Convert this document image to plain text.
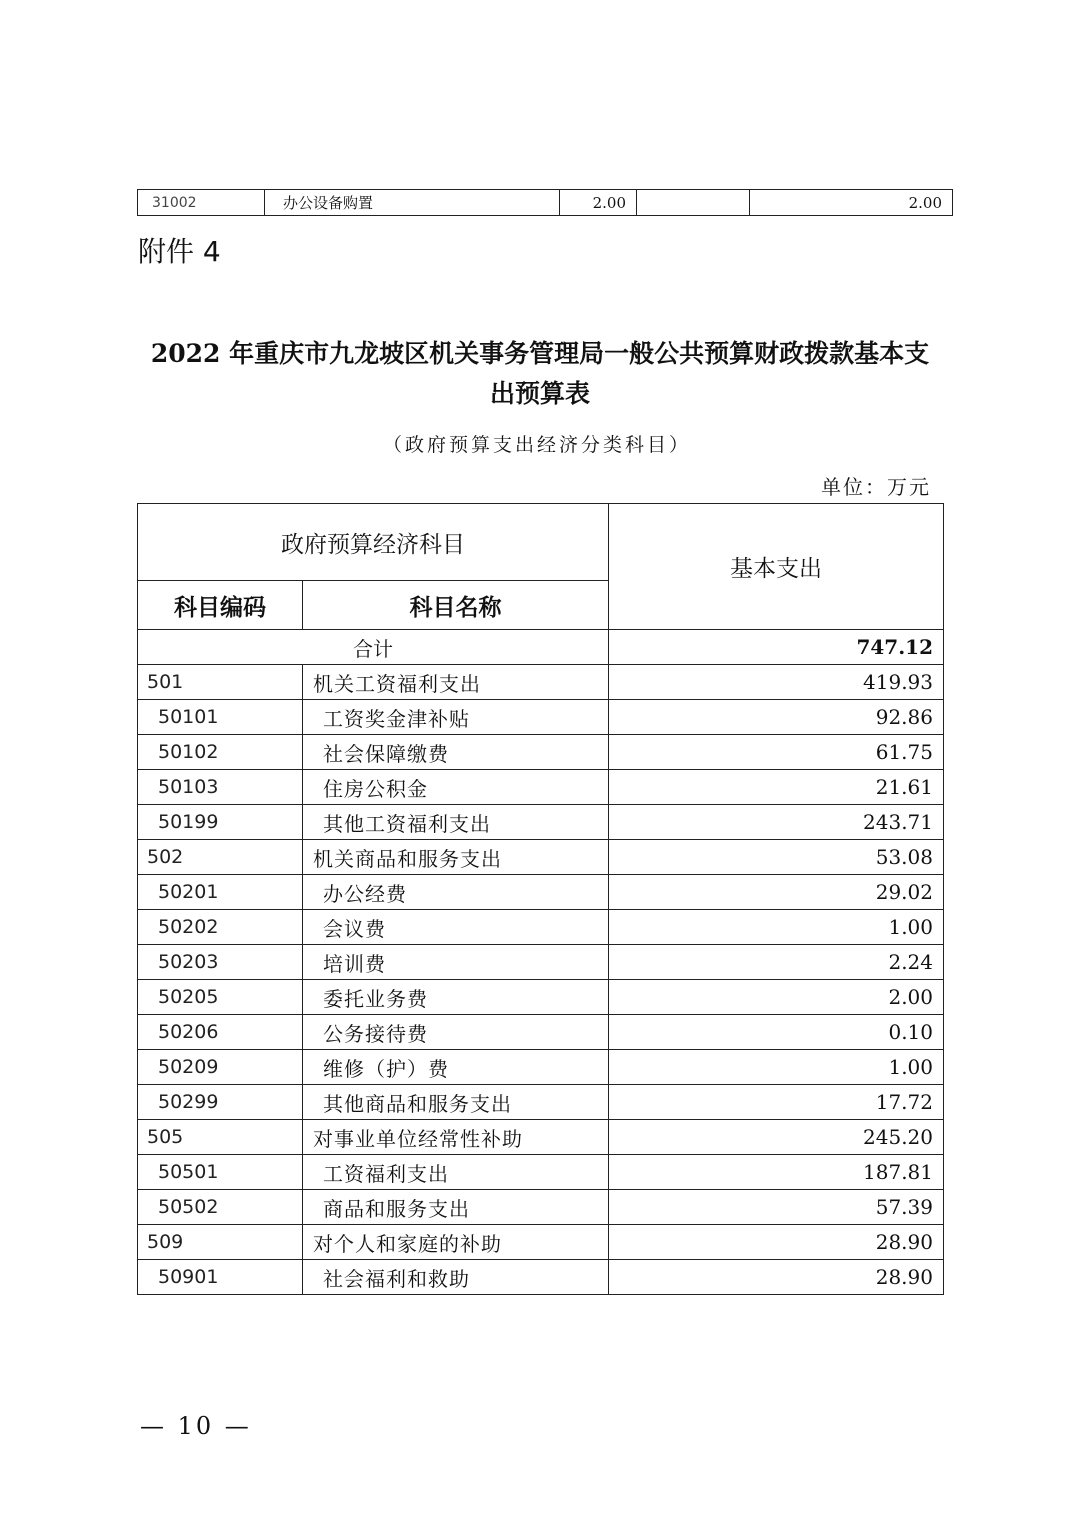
31002	办公设备购置	2.00		2.00
附件 4
2022 年重庆市九龙坡区机关事务管理局一般公共预算财政拨款基本支
出预算表
（政府预算支出经济分类科目）
单位：万元
政府预算经济科目		基本支出
科目编码	科目名称	
合计		747.12
501	机关工资福利支出	419.93
50101	工资奖金津补贴	92.86
50102	社会保障缴费	61.75
50103	住房公积金	21.61
50199	其他工资福利支出	243.71
502	机关商品和服务支出	53.08
50201	办公经费	29.02
50202	会议费	1.00
50203	培训费	2.24
50205	委托业务费	2.00
50206	公务接待费	0.10
50209	维修（护）费	1.00
50299	其他商品和服务支出	17.72
505	对事业单位经常性补助	245.20
50501	工资福利支出	187.81
50502	商品和服务支出	57.39
509	对个人和家庭的补助	28.90
50901	社会福利和救助	28.90
— 10 —
